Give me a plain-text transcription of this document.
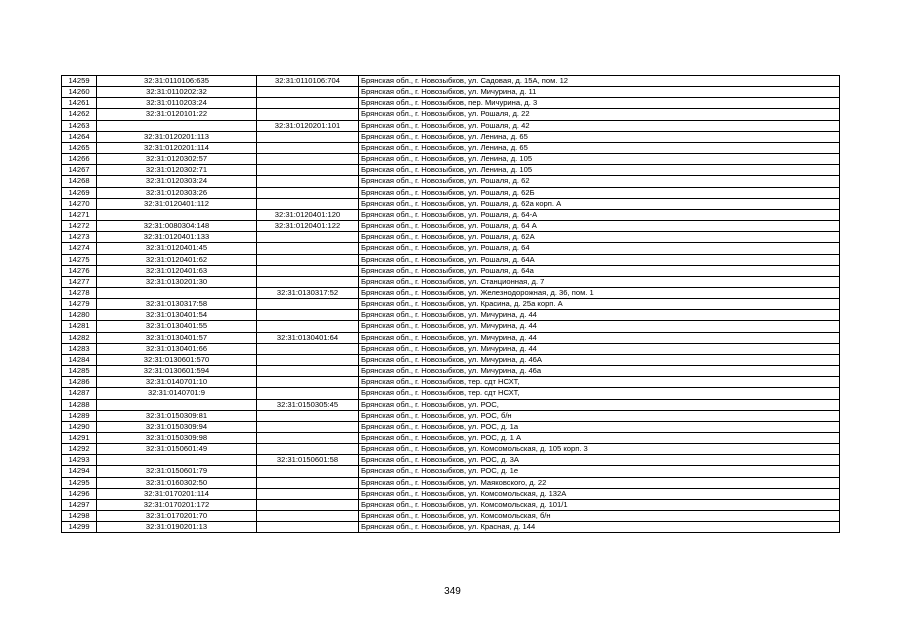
14259	32:31:0110106:635	32:31:0110106:704	Брянская обл., г. Новозыбков, ул. Садовая, д. 15А, пом. 12
14260	32:31:0110202:32		Брянская обл., г. Новозыбков, ул. Мичурина, д. 11
14261	32:31:0110203:24		Брянская обл., г. Новозыбков, пер. Мичурина, д. 3
14262	32:31:0120101:22		Брянская обл., г. Новозыбков, ул. Рошаля, д. 22
14263		32:31:0120201:101	Брянская обл., г. Новозыбков, ул. Рошаля, д. 42
14264	32:31:0120201:113		Брянская обл., г. Новозыбков, ул. Ленина, д. 65
14265	32:31:0120201:114		Брянская обл., г. Новозыбков, ул. Ленина, д. 65
14266	32:31:0120302:57		Брянская обл., г. Новозыбков, ул. Ленина, д. 105
14267	32:31:0120302:71		Брянская обл., г. Новозыбков, ул. Ленина, д. 105
14268	32:31:0120303:24		Брянская обл., г. Новозыбков, ул. Рошаля, д. 62
14269	32:31:0120303:26		Брянская обл., г. Новозыбков, ул. Рошаля, д. 62Б
14270	32:31:0120401:112		Брянская обл., г. Новозыбков, ул. Рошаля, д. 62а корп. А
14271		32:31:0120401:120	Брянская обл., г. Новозыбков, ул. Рошаля, д. 64-А
14272	32:31:0080304:148	32:31:0120401:122	Брянская обл., г. Новозыбков, ул. Рошаля, д. 64 А
14273	32:31:0120401:133		Брянская обл., г. Новозыбков, ул. Рошаля, д. 62А
14274	32:31:0120401:45		Брянская обл., г. Новозыбков, ул. Рошаля, д. 64
14275	32:31:0120401:62		Брянская обл., г. Новозыбков, ул. Рошаля, д. 64А
14276	32:31:0120401:63		Брянская обл., г. Новозыбков, ул. Рошаля, д. 64а
14277	32:31:0130201:30		Брянская обл., г. Новозыбков, ул. Станционная, д. 7
14278		32:31:0130317:52	Брянская обл., г. Новозыбков, ул. Железнодорожная, д. 36, пом. 1
14279	32:31:0130317:58		Брянская обл., г. Новозыбков, ул. Красина, д. 25а корп. А
14280	32:31:0130401:54		Брянская обл., г. Новозыбков, ул. Мичурина, д. 44
14281	32:31:0130401:55		Брянская обл., г. Новозыбков, ул. Мичурина, д. 44
14282	32:31:0130401:57	32:31:0130401:64	Брянская обл., г. Новозыбков, ул. Мичурина, д. 44
14283	32:31:0130401:66		Брянская обл., г. Новозыбков, ул. Мичурина, д. 44
14284	32:31:0130601:570		Брянская обл., г. Новозыбков, ул. Мичурина, д. 46А
14285	32:31:0130601:594		Брянская обл., г. Новозыбков, ул. Мичурина, д. 46а
14286	32:31:0140701:10		Брянская обл., г. Новозыбков, тер. сдт НСХТ,
14287	32:31:0140701:9		Брянская обл., г. Новозыбков, тер. сдт НСХТ,
14288		32:31:0150305:45	Брянская обл., г. Новозыбков, ул. РОС,
14289	32:31:0150309:81		Брянская обл., г. Новозыбков, ул. РОС, б/н
14290	32:31:0150309:94		Брянская обл., г. Новозыбков, ул. РОС, д. 1а
14291	32:31:0150309:98		Брянская обл., г. Новозыбков, ул. РОС, д. 1 А
14292	32:31:0150601:49		Брянская обл., г. Новозыбков, ул. Комсомольская, д. 105 корп. 3
14293		32:31:0150601:58	Брянская обл., г. Новозыбков, ул. РОС, д. 3А
14294	32:31:0150601:79		Брянская обл., г. Новозыбков, ул. РОС, д. 1е
14295	32:31:0160302:50		Брянская обл., г. Новозыбков, ул. Маяковского, д. 22
14296	32:31:0170201:114		Брянская обл., г. Новозыбков, ул. Комсомольская, д. 132А
14297	32:31:0170201:172		Брянская обл., г. Новозыбков, ул. Комсомольская, д. 101/1
14298	32:31:0170201:70		Брянская обл., г. Новозыбков, ул. Комсомольская, б/н
14299	32:31:0190201:13		Брянская обл., г. Новозыбков, ул. Красная, д. 144
349
